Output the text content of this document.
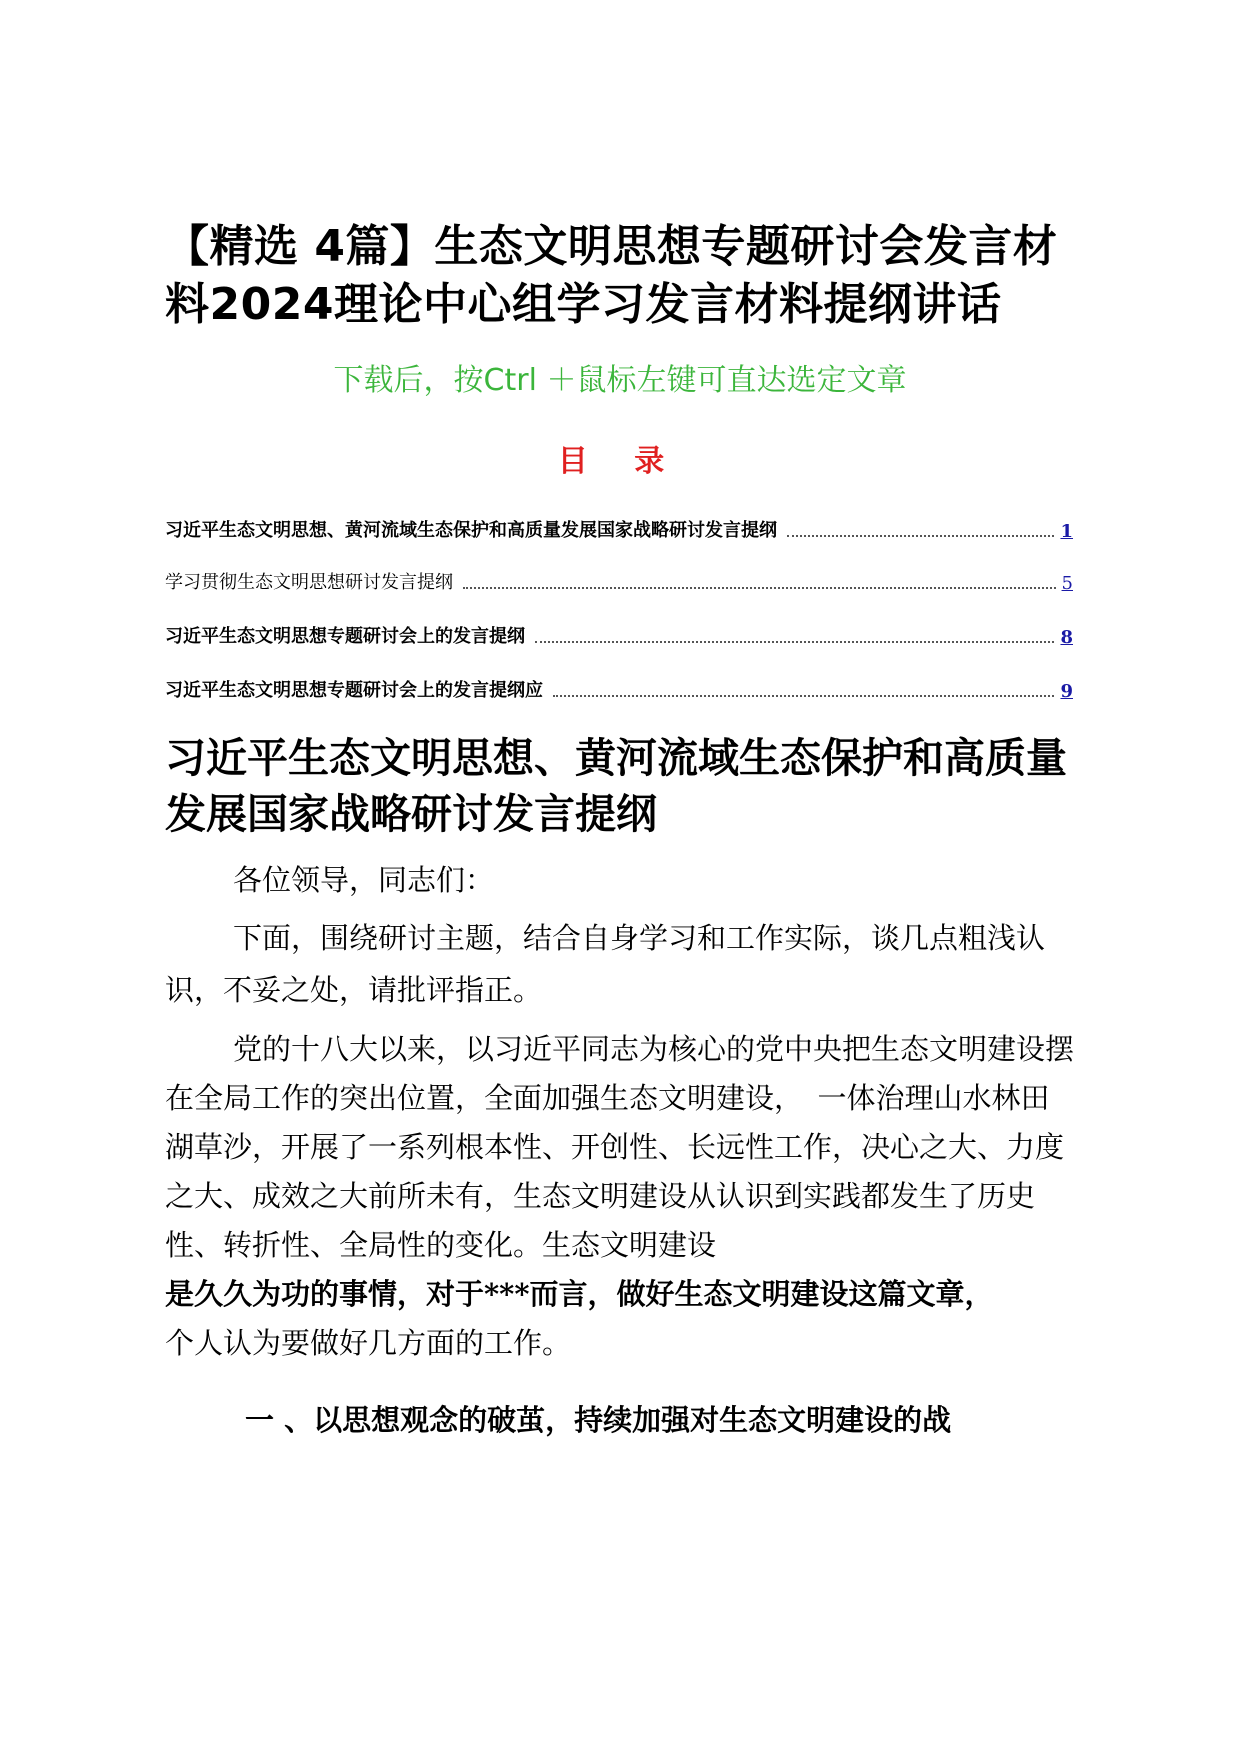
【精选 4篇】生态文明思想专题研讨会发言材料2024理论中心组学习发言材料提纲讲话

下载后，按Ctrl ＋鼠标左键可直达选定文章

目 录
习近平生态文明思想、黄河流域生态保护和高质量发展国家战略研讨发言提纲	1
学习贯彻生态文明思想研讨发言提纲	5
习近平生态文明思想专题研讨会上的发言提纲	8
习近平生态文明思想专题研讨会上的发言提纲应	9
习近平生态文明思想、黄河流域生态保护和高质量发展国家战略研讨发言提纲

各位领导，同志们：

下面，围绕研讨主题，结合自身学习和工作实际，谈几点粗浅认识，不妥之处，请批评指正。

党的十八大以来，以习近平同志为核心的党中央把生态文明建设摆在全局工作的突出位置，全面加强生态文明建设，　一体治理山水林田湖草沙，开展了一系列根本性、开创性、长远性工作，决心之大、力度之大、成效之大前所未有，生态文明建设从认识到实践都发生了历史性、转折性、全局性的变化。生态文明建设
是久久为功的事情，对于***而言，做好生态文明建设这篇文章，
个人认为要做好几方面的工作。

一 、以思想观念的破茧，持续加强对生态文明建设的战
